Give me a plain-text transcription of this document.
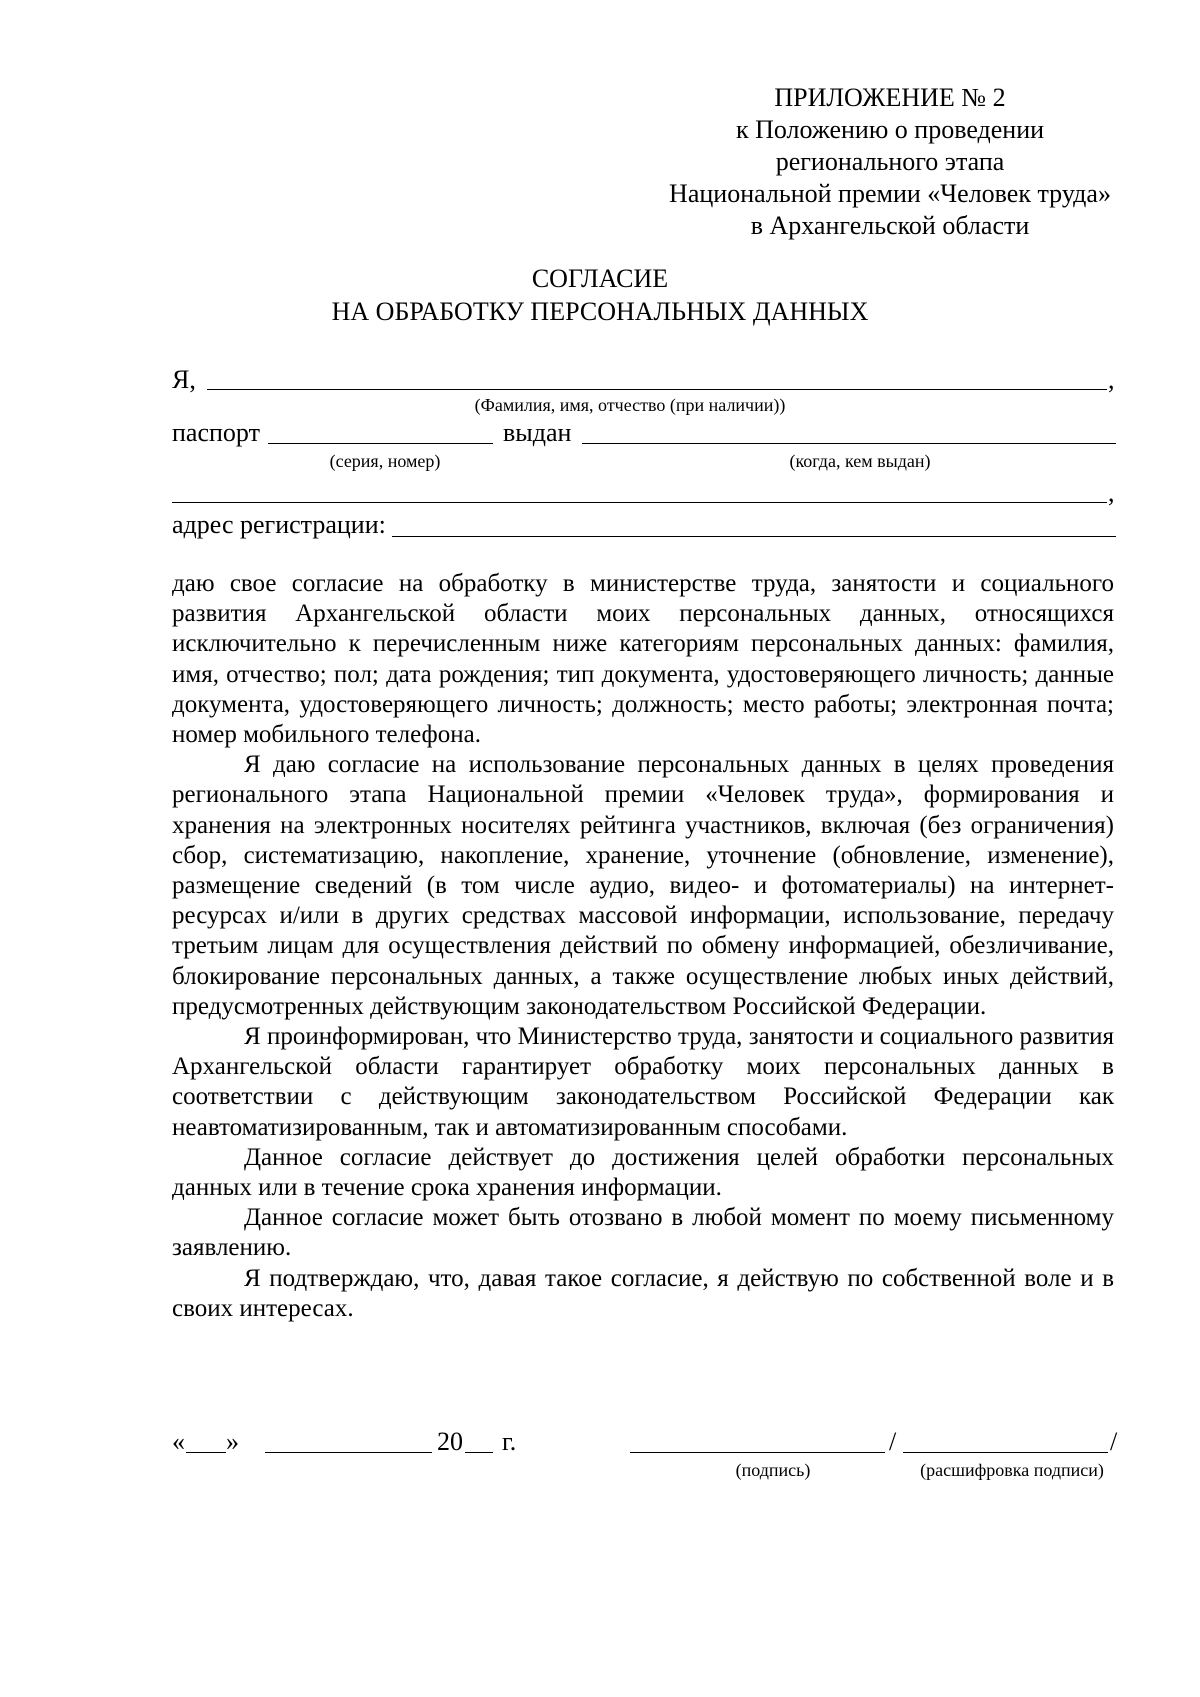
ПРИЛОЖЕНИЕ № 2
к Положению о проведении
регионального этапа
Национальной премии «Человек труда»
в Архангельской области
СОГЛАСИЕ
НА ОБРАБОТКУ ПЕРСОНАЛЬНЫХ ДАННЫХ
Я,	,
(Фамилия, имя, отчество (при наличии))
паспорт	выдан
(серия, номер)	(когда, кем выдан)
,
адрес регистрации:

даю свое согласие на обработку в министерстве труда, занятости и социального развития Архангельской области моих персональных данных, относящихся исключительно к перечисленным ниже категориям персональных данных: фамилия, имя, отчество; пол; дата рождения; тип документа, удостоверяющего личность; данные документа, удостоверяющего личность; должность; место работы; электронная почта; номер мобильного телефона.

Я даю согласие на использование персональных данных в целях проведения регионального этапа Национальной премии «Человек труда», формирования и хранения на электронных носителях рейтинга участников, включая (без ограничения) сбор, систематизацию, накопление, хранение, уточнение (обновление, изменение), размещение сведений (в том числе аудио, видео- и фотоматериалы) на интернет-ресурсах и/или в других средствах массовой информации, использование, передачу третьим лицам для осуществления действий по обмену информацией, обезличивание, блокирование персональных данных, а также осуществление любых иных действий, предусмотренных действующим законодательством Российской Федерации.

Я проинформирован, что Министерство труда, занятости и социального развития Архангельской области гарантирует обработку моих персональных данных в соответствии с действующим законодательством Российской Федерации как неавтоматизированным, так и автоматизированным способами.

Данное согласие действует до достижения целей обработки персональных данных или в течение срока хранения информации.

Данное согласие может быть отозвано в любой момент по моему письменному заявлению.

Я подтверждаю, что, давая такое согласие, я действую по собственной воле и в своих интересах.

« »	20 г.	/	/
(подпись)	(расшифровка подписи)
